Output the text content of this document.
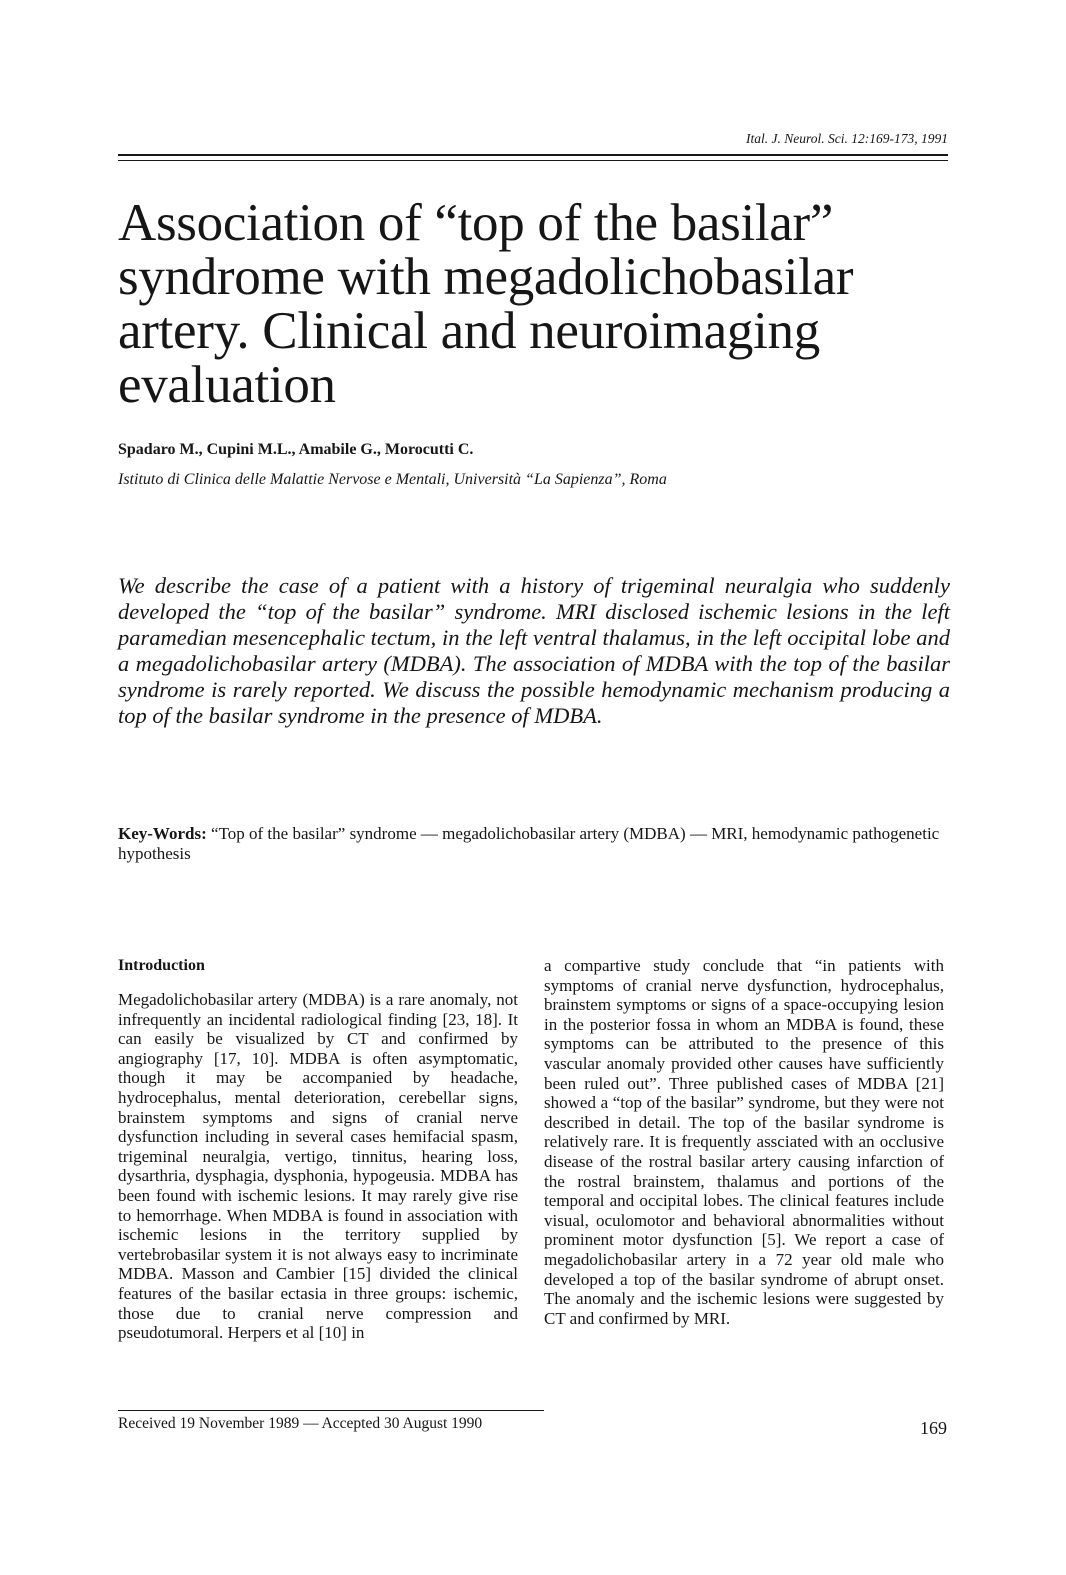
Ital. J. Neurol. Sci. 12:169-173, 1991
Association of “top of the basilar”
syndrome with megadolichobasilar
artery. Clinical and neuroimaging
evaluation
Spadaro M., Cupini M.L., Amabile G., Morocutti C.
Istituto di Clinica delle Malattie Nervose e Mentali, Università “La Sapienza”, Roma

We describe the case of a patient with a history of trigeminal neuralgia who suddenly developed the “top of the basilar” syndrome. MRI disclosed ischemic lesions in the left paramedian mesencephalic tectum, in the left ventral thalamus, in the left occipital lobe and a megadolichobasilar artery (MDBA). The association of MDBA with the top of the basilar syndrome is rarely reported. We discuss the possible hemodynamic mechanism producing a top of the basilar syndrome in the presence of MDBA.

Key-Words: “Top of the basilar” syndrome — megadolichobasilar artery (MDBA) — MRI, hemodynamic pathogenetic hypothesis

Introduction

Megadolichobasilar artery (MDBA) is a rare anomaly, not infrequently an incidental radiological finding [23, 18]. It can easily be visualized by CT and confirmed by angiography [17, 10]. MDBA is often asymptomatic, though it may be accompanied by headache, hydrocephalus, mental deterioration, cerebellar signs, brainstem symptoms and signs of cranial nerve dysfunction including in several cases hemifacial spasm, trigeminal neuralgia, vertigo, tinnitus, hearing loss, dysarthria, dysphagia, dysphonia, hypogeusia. MDBA has been found with ischemic lesions. It may rarely give rise to hemorrhage. When MDBA is found in association with ischemic lesions in the territory supplied by vertebrobasilar system it is not always easy to incriminate MDBA. Masson and Cambier [15] divided the clinical features of the basilar ectasia in three groups: ischemic, those due to cranial nerve compression and pseudotumoral. Herpers et al [10] in

a compartive study conclude that “in patients with symptoms of cranial nerve dysfunction, hydrocephalus, brainstem symptoms or signs of a space-occupying lesion in the posterior fossa in whom an MDBA is found, these symptoms can be attributed to the presence of this vascular anomaly provided other causes have sufficiently been ruled out”. Three published cases of MDBA [21] showed a “top of the basilar” syndrome, but they were not described in detail. The top of the basilar syndrome is relatively rare. It is frequently assciated with an occlusive disease of the rostral basilar artery causing infarction of the rostral brainstem, thalamus and portions of the temporal and occipital lobes. The clinical features include visual, oculomotor and behavioral abnormalities without prominent motor dysfunction [5]. We report a case of megadolichobasilar artery in a 72 year old male who developed a top of the basilar syndrome of abrupt onset. The anomaly and the ischemic lesions were suggested by CT and confirmed by MRI.

Received 19 November 1989 — Accepted 30 August 1990	169
